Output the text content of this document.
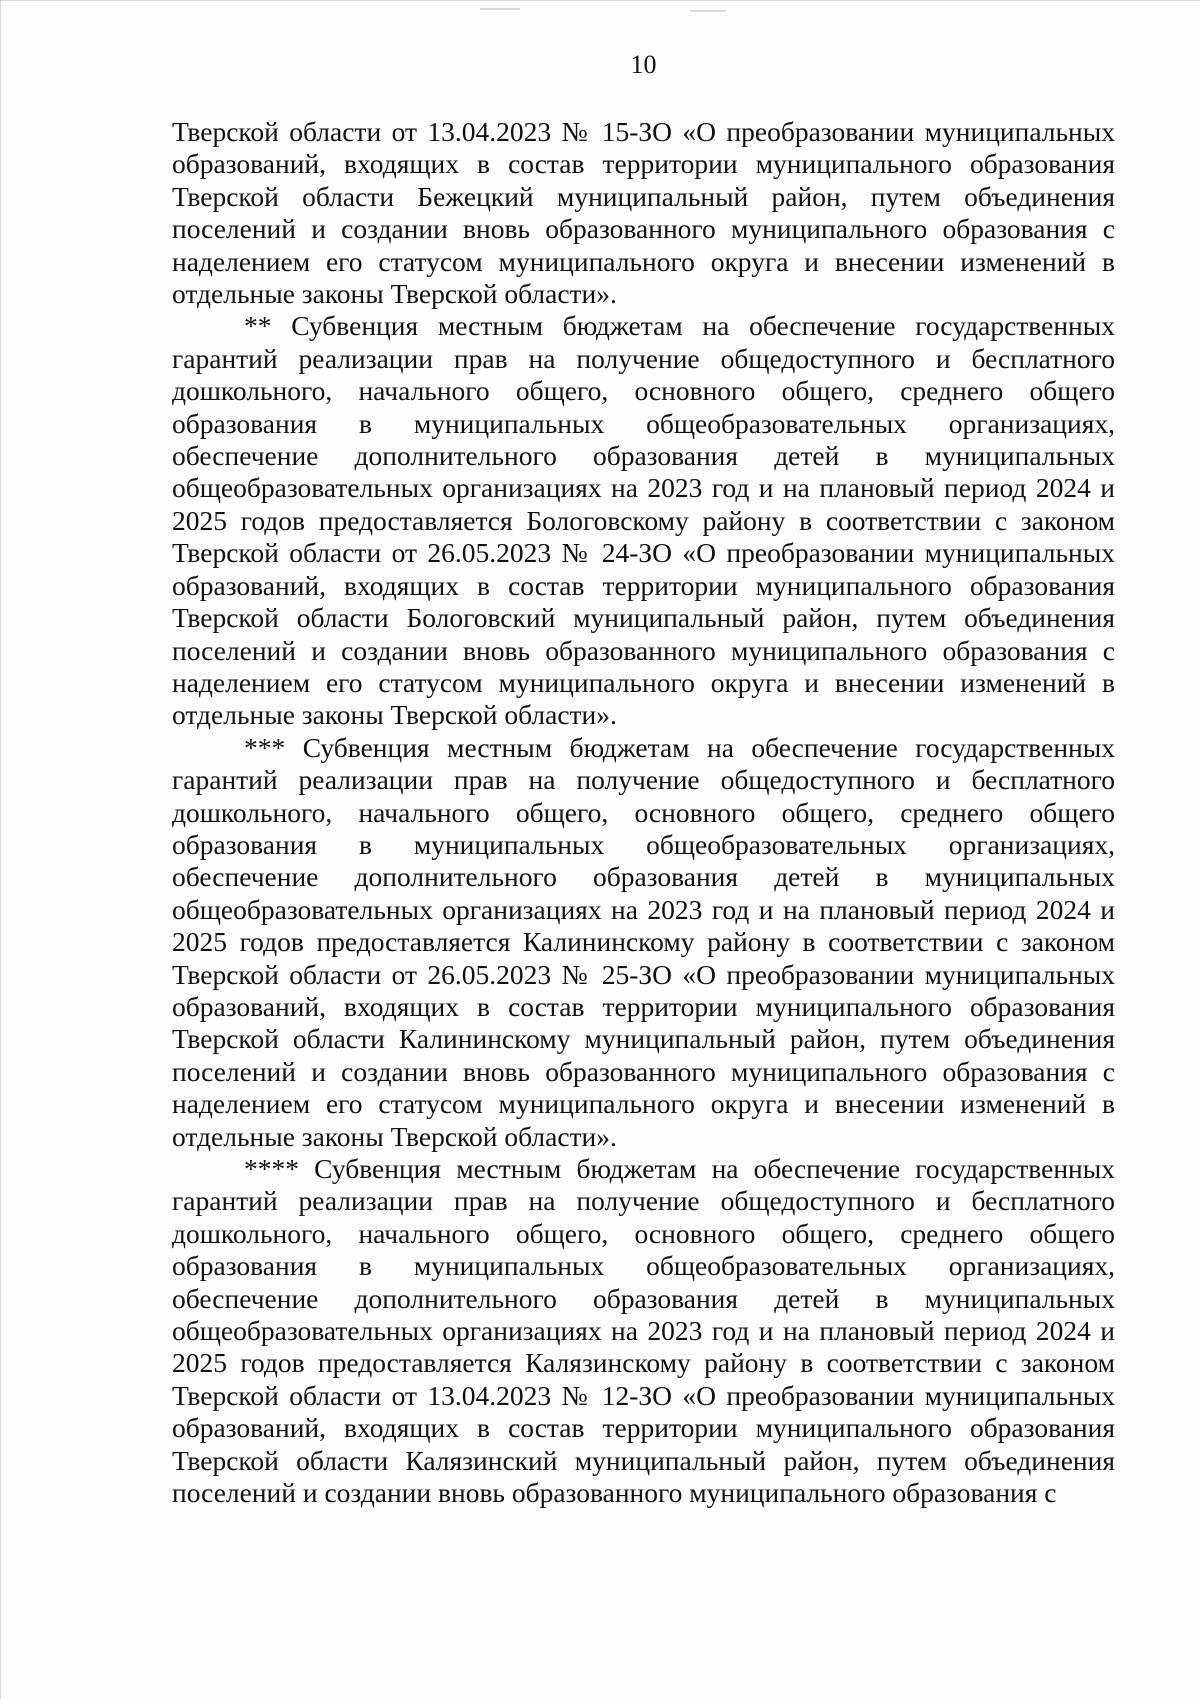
10

Тверской области от 13.04.2023 № 15-ЗО «О преобразовании муниципальных образований, входящих в состав территории муниципального образования Тверской области Бежецкий муниципальный район, путем объединения поселений и создании вновь образованного муниципального образования с наделением его статусом муниципального округа и внесении изменений в отдельные законы Тверской области».

** Субвенция местным бюджетам на обеспечение государственных гарантий реализации прав на получение общедоступного и бесплатного дошкольного, начального общего, основного общего, среднего общего образования в муниципальных общеобразовательных организациях, обеспечение дополнительного образования детей в муниципальных общеобразовательных организациях на 2023 год и на плановый период 2024 и 2025 годов предоставляется Бологовскому району в соответствии с законом Тверской области от 26.05.2023 № 24-ЗО «О преобразовании муниципальных образований, входящих в состав территории муниципального образования Тверской области Бологовский муниципальный район, путем объединения поселений и создании вновь образованного муниципального образования с наделением его статусом муниципального округа и внесении изменений в отдельные законы Тверской области».

*** Субвенция местным бюджетам на обеспечение государственных гарантий реализации прав на получение общедоступного и бесплатного дошкольного, начального общего, основного общего, среднего общего образования в муниципальных общеобразовательных организациях, обеспечение дополнительного образования детей в муниципальных общеобразовательных организациях на 2023 год и на плановый период 2024 и 2025 годов предоставляется Калининскому району в соответствии с законом Тверской области от 26.05.2023 № 25-ЗО «О преобразовании муниципальных образований, входящих в состав территории муниципального образования Тверской области Калининскому муниципальный район, путем объединения поселений и создании вновь образованного муниципального образования с наделением его статусом муниципального округа и внесении изменений в отдельные законы Тверской области».

**** Субвенция местным бюджетам на обеспечение государственных гарантий реализации прав на получение общедоступного и бесплатного дошкольного, начального общего, основного общего, среднего общего образования в муниципальных общеобразовательных организациях, обеспечение дополнительного образования детей в муниципальных общеобразовательных организациях на 2023 год и на плановый период 2024 и 2025 годов предоставляется Калязинскому району в соответствии с законом Тверской области от 13.04.2023 № 12-ЗО «О преобразовании муниципальных образований, входящих в состав территории муниципального образования Тверской области Калязинский муниципальный район, путем объединения поселений и создании вновь образованного муниципального образования с
